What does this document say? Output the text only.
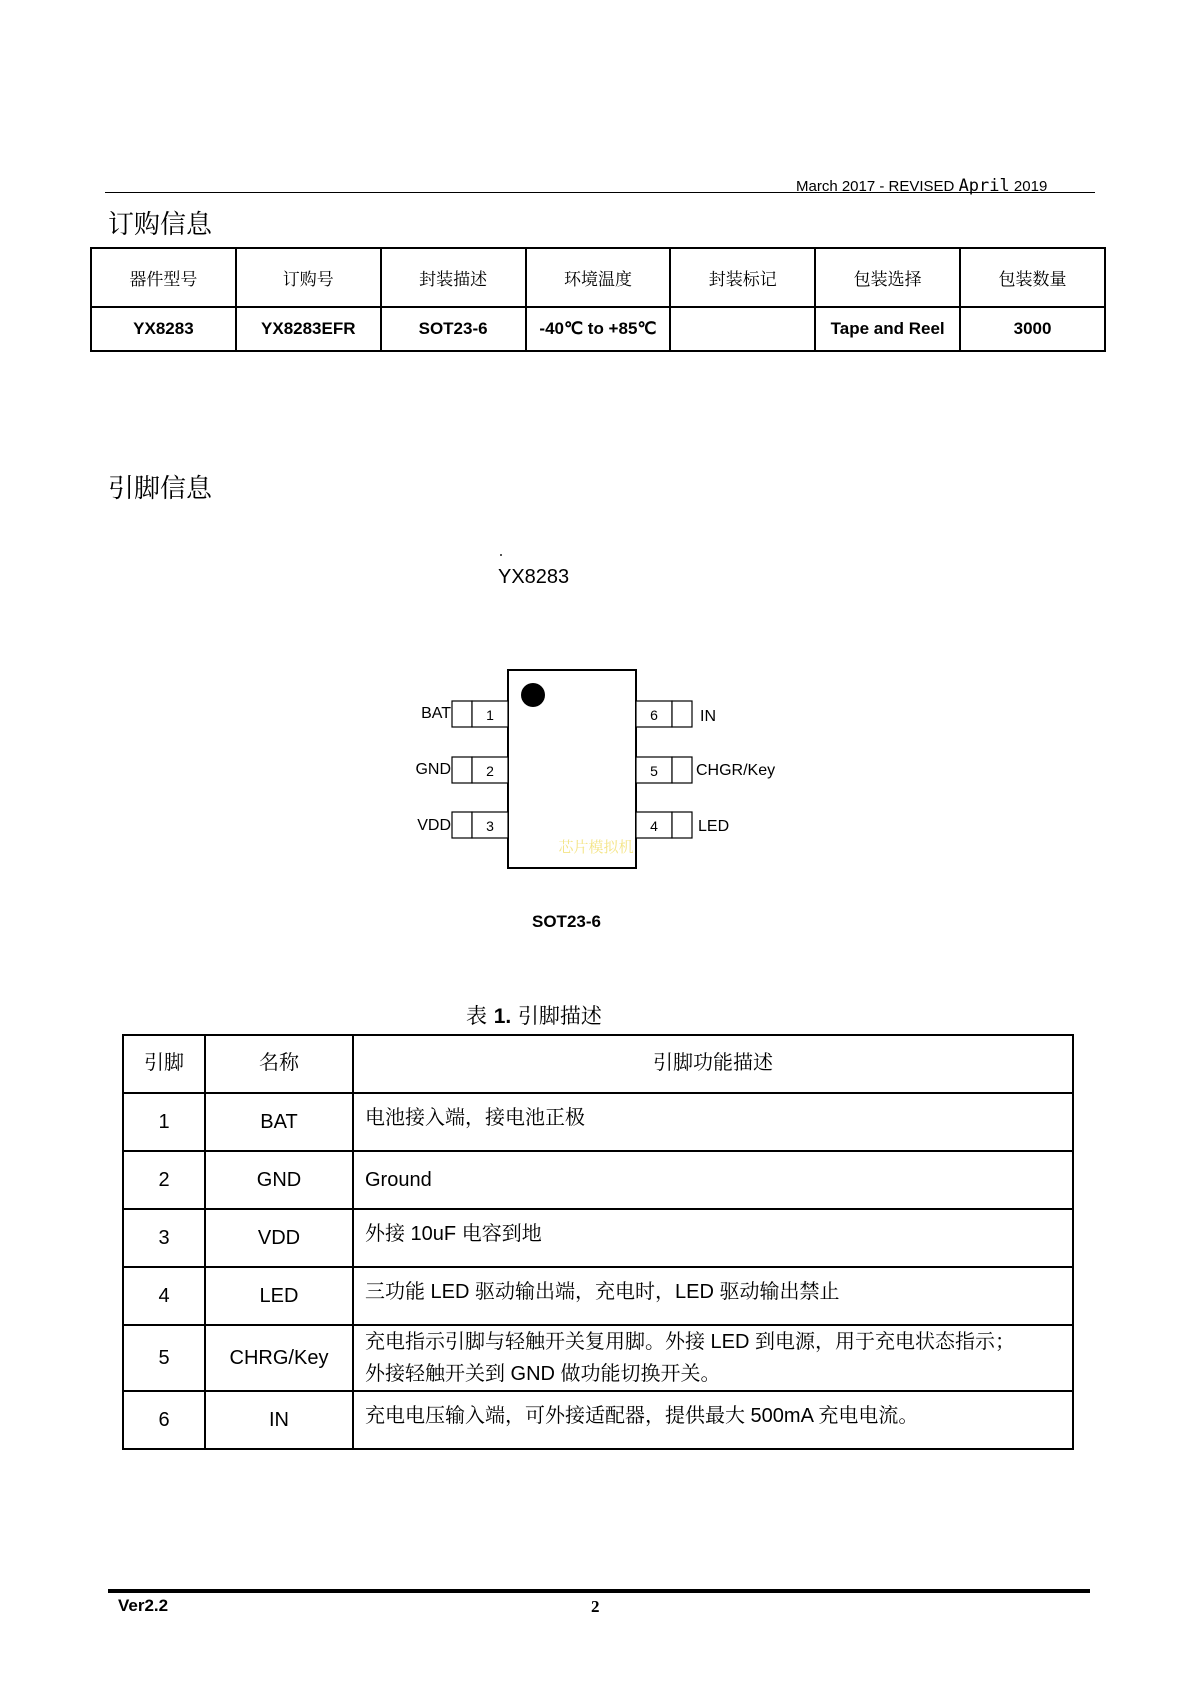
March 2017 - REVISED April 2019
订购信息
器件型号	订购号	封装描述	环境温度	封装标记	包装选择	包装数量
YX8283	YX8283EFR	SOT23-6	-40℃ to +85℃		Tape and Reel	3000
引脚信息
YX8283
1
BAT
2
GND
3
VDD
6	IN
5 CHGR/Key
4	LED
芯片模拟机
SOT23-6
表 1. 引脚描述
引脚	名称	引脚功能描述
1	BAT	电池接入端，接电池正极
2	GND	Ground
3	VDD	外接 10uF 电容到地
4	LED	三功能 LED 驱动输出端，充电时，LED 驱动输出禁止
5	CHRG/Key	充电指示引脚与轻触开关复用脚。外接 LED 到电源，用于充电状态指示；
外接轻触开关到 GND 做功能切换开关。

6	IN	充电电压输入端，可外接适配器，提供最大 500mA 充电电流。
Ver2.2	2
